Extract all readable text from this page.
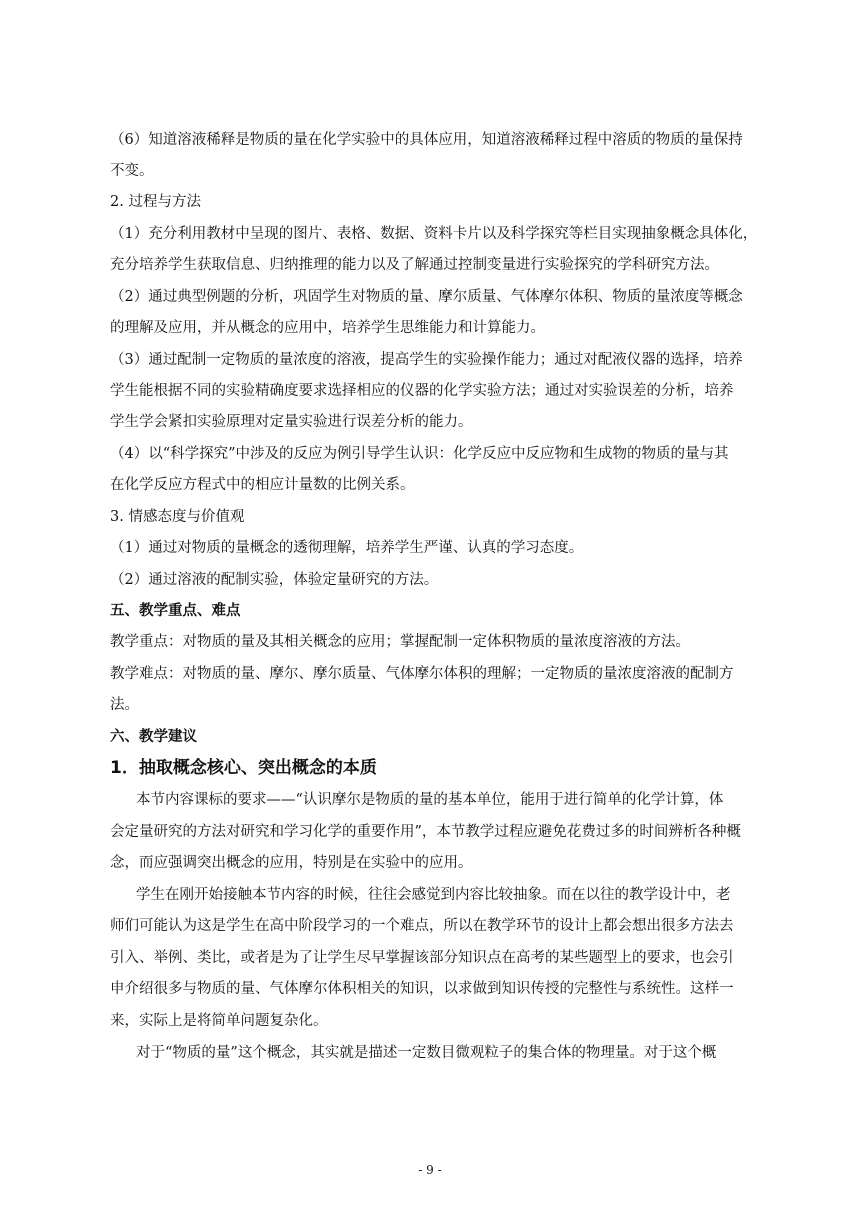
（6）知道溶液稀释是物质的量在化学实验中的具体应用，知道溶液稀释过程中溶质的物质的量保持
不变。
2. 过程与方法
（1）充分利用教材中呈现的图片、表格、数据、资料卡片以及科学探究等栏目实现抽象概念具体化，
充分培养学生获取信息、归纳推理的能力以及了解通过控制变量进行实验探究的学科研究方法。
（2）通过典型例题的分析，巩固学生对物质的量、摩尔质量、气体摩尔体积、物质的量浓度等概念
的理解及应用，并从概念的应用中，培养学生思维能力和计算能力。
（3）通过配制一定物质的量浓度的溶液，提高学生的实验操作能力；通过对配液仪器的选择，培养
学生能根据不同的实验精确度要求选择相应的仪器的化学实验方法；通过对实验误差的分析，培养
学生学会紧扣实验原理对定量实验进行误差分析的能力。
（4）以“科学探究”中涉及的反应为例引导学生认识：化学反应中反应物和生成物的物质的量与其
在化学反应方程式中的相应计量数的比例关系。
3. 情感态度与价值观
（1）通过对物质的量概念的透彻理解，培养学生严谨、认真的学习态度。
（2）通过溶液的配制实验，体验定量研究的方法。
五、教学重点、难点
教学重点：对物质的量及其相关概念的应用；掌握配制一定体积物质的量浓度溶液的方法。
教学难点：对物质的量、摩尔、摩尔质量、气体摩尔体积的理解；一定物质的量浓度溶液的配制方
法。
六、教学建议
1．抽取概念核心、突出概念的本质
本节内容课标的要求——“认识摩尔是物质的量的基本单位，能用于进行简单的化学计算，体
会定量研究的方法对研究和学习化学的重要作用”，本节教学过程应避免花费过多的时间辨析各种概
念，而应强调突出概念的应用，特别是在实验中的应用。
学生在刚开始接触本节内容的时候，往往会感觉到内容比较抽象。而在以往的教学设计中，老
师们可能认为这是学生在高中阶段学习的一个难点，所以在教学环节的设计上都会想出很多方法去
引入、举例、类比，或者是为了让学生尽早掌握该部分知识点在高考的某些题型上的要求，也会引
申介绍很多与物质的量、气体摩尔体积相关的知识，以求做到知识传授的完整性与系统性。这样一
来，实际上是将简单问题复杂化。
对于“物质的量”这个概念，其实就是描述一定数目微观粒子的集合体的物理量。对于这个概
- 9 -
